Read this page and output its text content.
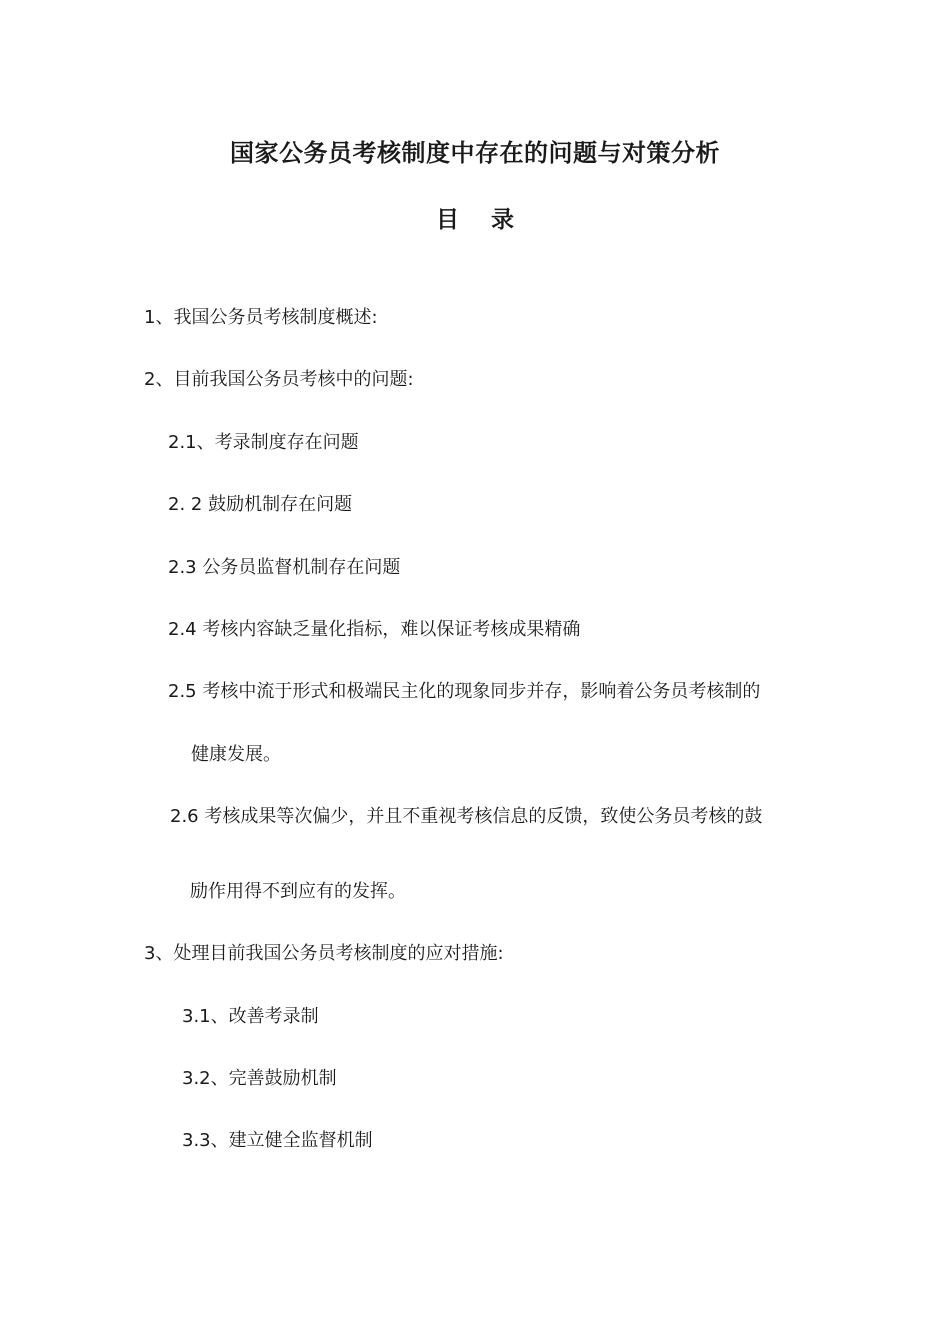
国家公务员考核制度中存在的问题与对策分析
目 录
1、我国公务员考核制度概述:
2、目前我国公务员考核中的问题:
2.1、考录制度存在问题
2. 2 鼓励机制存在问题
2.3 公务员监督机制存在问题
2.4 考核内容缺乏量化指标，难以保证考核成果精确
2.5 考核中流于形式和极端民主化的现象同步并存，影响着公务员考核制的
健康发展。
2.6 考核成果等次偏少，并且不重视考核信息的反馈，致使公务员考核的鼓
励作用得不到应有的发挥。
3、处理目前我国公务员考核制度的应对措施:
3.1、改善考录制
3.2、完善鼓励机制
3.3、建立健全监督机制
